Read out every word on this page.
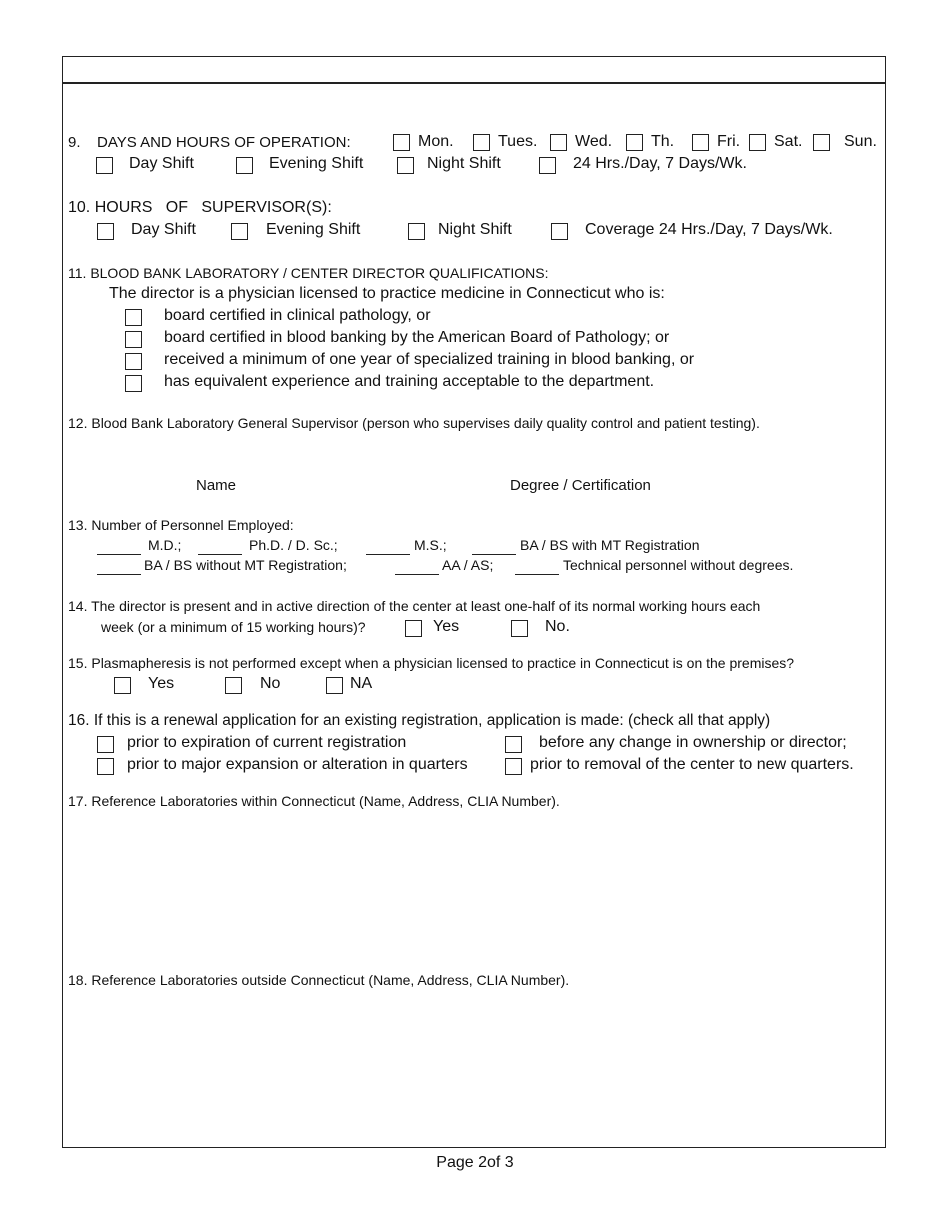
9. DAYS AND HOURS OF OPERATION:	Mon.	Tues. Wed. Th.	Fri. Sat.	Sun.
Day Shift	Evening Shift	Night Shift	24 Hrs./Day, 7 Days/Wk.
10. HOURS   OF   SUPERVISOR(S):
Day Shift	Evening Shift	Night Shift	Coverage 24 Hrs./Day, 7 Days/Wk.
11. BLOOD BANK LABORATORY / CENTER DIRECTOR QUALIFICATIONS:
The director is a physician licensed to practice medicine in Connecticut who is:
board certified in clinical pathology, or
board certified in blood banking by the American Board of Pathology; or
received a minimum of one year of specialized training in blood banking, or
has equivalent experience and training acceptable to the department.
12. Blood Bank Laboratory General Supervisor (person who supervises daily quality control and patient testing).
Name	Degree / Certification
13. Number of Personnel Employed:
M.D.;	Ph.D. / D. Sc.;	M.S.;	BA / BS with MT Registration
BA / BS without MT Registration;	AA / AS;	Technical personnel without degrees.
14. The director is present and in active direction of the center at least one-half of its normal working hours each
week (or a minimum of 15 working hours)?	Yes	No.
15. Plasmapheresis is not performed except when a physician licensed to practice in Connecticut is on the premises?
Yes	No	NA
16. If this is a renewal application for an existing registration, application is made: (check all that apply)
prior to expiration of current registration	before any change in ownership or director;
prior to major expansion or alteration in quarters	prior to removal of the center to new quarters.
17. Reference Laboratories within Connecticut (Name, Address, CLIA Number).
18. Reference Laboratories outside Connecticut (Name, Address, CLIA Number).
Page 2of 3
